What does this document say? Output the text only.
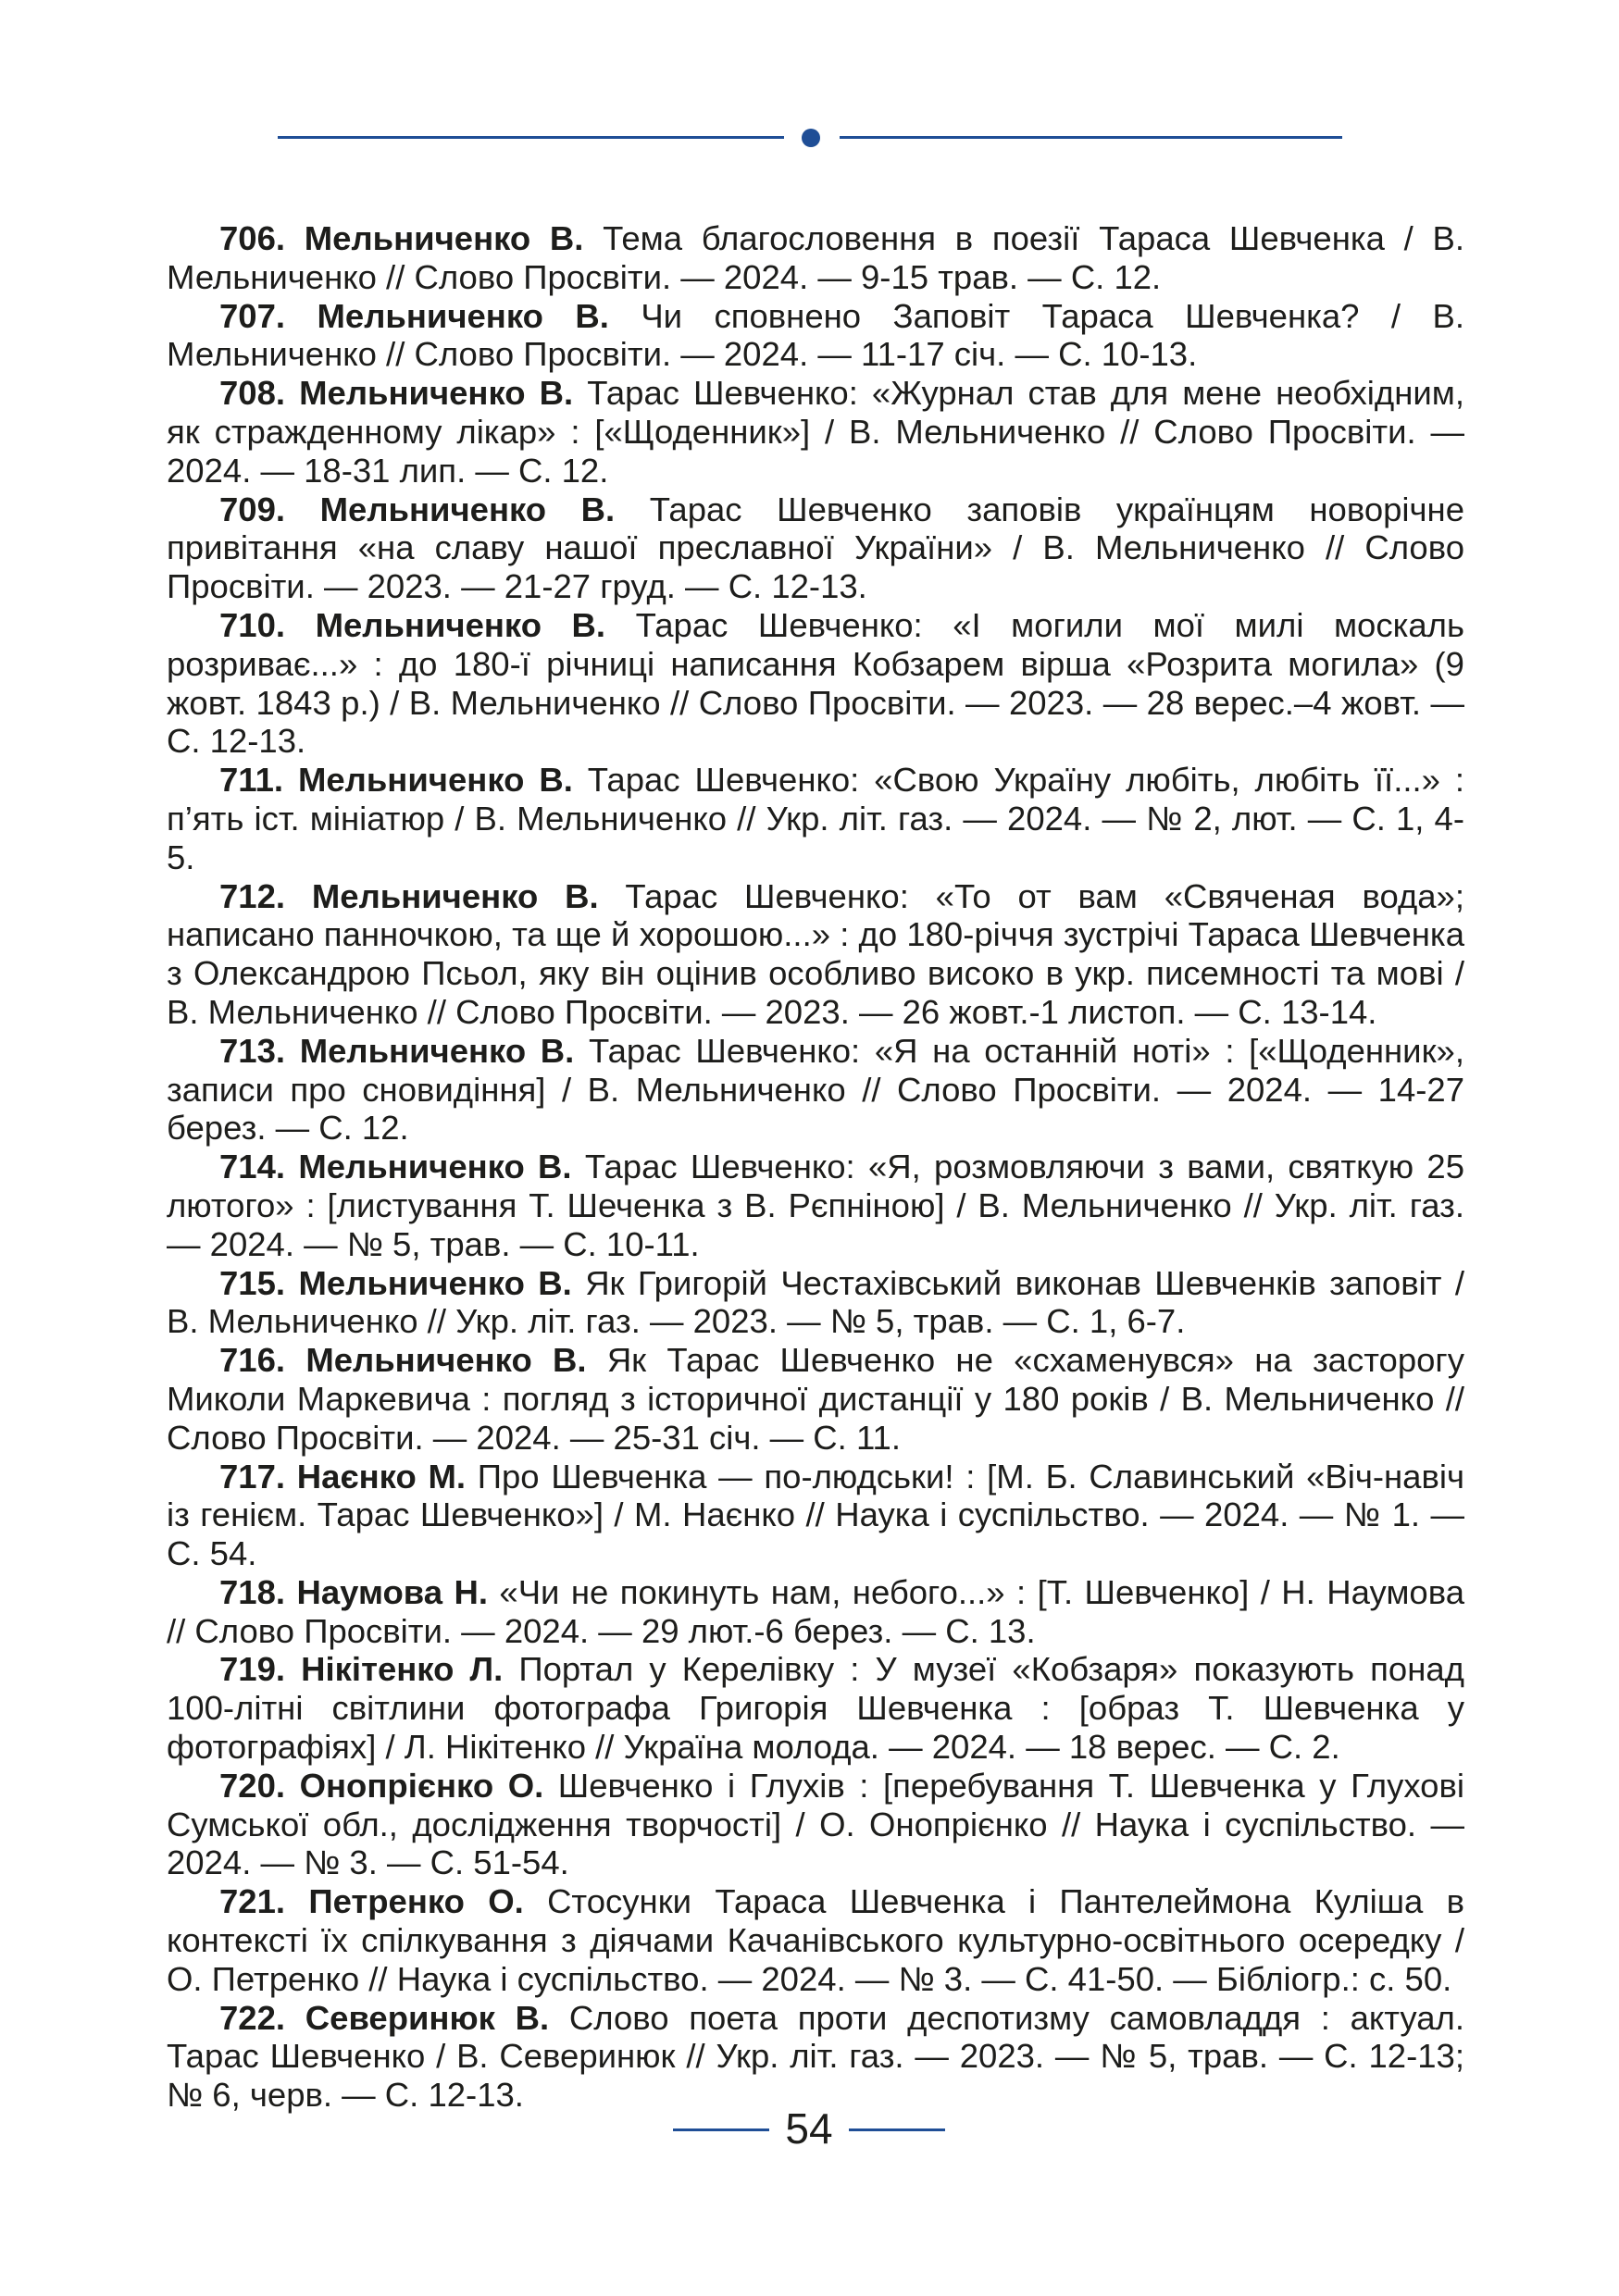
706. Мельниченко В. Тема благословення в поезії Тараса Шевченка / В. Мельниченко // Слово Просвіти. — 2024. — 9-15 трав. — С. 12.

707. Мельниченко В. Чи сповнено Заповіт Тараса Шевченка? / В. Мельниченко // Слово Просвіти. — 2024. — 11-17 січ. — С. 10-13.

708. Мельниченко В. Тарас Шевченко: «Журнал став для мене необхідним, як стражденному лікар» : [«Щоденник»] / В. Мельниченко // Слово Просвіти. — 2024. — 18-31 лип. — С. 12.

709. Мельниченко В. Тарас Шевченко заповів українцям новорічне привітання «на славу нашої преславної України» / В. Мельниченко // Слово Просвіти. — 2023. — 21-27 груд. — С. 12-13.

710. Мельниченко В. Тарас Шевченко: «І могили мої милі москаль розриває...» : до 180-ї річниці написання Кобзарем вірша «Розрита могила» (9 жовт. 1843 р.) / В. Мельниченко // Слово Просвіти. — 2023. — 28 верес.–4 жовт. — С. 12-13.

711. Мельниченко В. Тарас Шевченко: «Свою Україну любіть, любіть її...» : п’ять іст. мініатюр / В. Мельниченко // Укр. літ. газ. — 2024. — № 2, лют. — С. 1, 4-5.

712. Мельниченко В. Тарас Шевченко: «То от вам «Свяченая вода»; написано панночкою, та ще й хорошою...» : до 180-річчя зустрічі Тараса Шевченка з Олександрою Псьол, яку він оцінив особливо високо в укр. писемності та мові / В. Мельниченко // Слово Просвіти. — 2023. — 26 жовт.-1 листоп. — С. 13-14.

713. Мельниченко В. Тарас Шевченко: «Я на останній ноті» : [«Щоденник», записи про сновидіння] / В. Мельниченко // Слово Просвіти. — 2024. — 14-27 берез. — С. 12.

714. Мельниченко В. Тарас Шевченко: «Я, розмовляючи з вами, святкую 25 лютого» : [листування Т. Шеченка з В. Рєпніною] / В. Мельниченко // Укр. літ. газ. — 2024. — № 5, трав. — С. 10-11.

715. Мельниченко В. Як Григорій Честахівський виконав Шевченків заповіт / В. Мельниченко // Укр. літ. газ. — 2023. — № 5, трав. — С. 1, 6-7.

716. Мельниченко В. Як Тарас Шевченко не «схаменувся» на засторогу Миколи Маркевича : погляд з історичної дистанції у 180 років / В. Мельниченко // Слово Просвіти. — 2024. — 25-31 січ. — С. 11.

717. Наєнко М. Про Шевченка — по-людськи! : [М. Б. Славинський «Віч-навіч із генієм. Тарас Шевченко»] / М. Наєнко // Наука і суспільство. — 2024. — № 1. — С. 54.

718. Наумова Н. «Чи не покинуть нам, небого...» : [Т. Шевченко] / Н. Наумова // Слово Просвіти. — 2024. — 29 лют.-6 берез. — С. 13.

719. Нікітенко Л. Портал у Керелівку : У музеї «Кобзаря» показують понад 100-літні світлини фотографа Григорія Шевченка : [образ Т. Шевченка у фотографіях] / Л. Нікітенко // Україна молода. — 2024. — 18 верес. — С. 2.

720. Онопрієнко О. Шевченко і Глухів : [перебування Т. Шевченка у Глухові Сумської обл., дослідження творчості] / О. Онопрієнко // Наука і суспільство. — 2024. — № 3. — С. 51-54.

721. Петренко О. Стосунки Тараса Шевченка і Пантелеймона Куліша в контексті їх спілкування з діячами Качанівського культурно-освітнього осередку / О. Петренко // Наука і суспільство. — 2024. — № 3. — С. 41-50. — Бібліогр.: с. 50.

722. Северинюк В. Слово поета проти деспотизму самовладдя : актуал. Тарас Шевченко / В. Северинюк // Укр. літ. газ. — 2023. — № 5, трав. — С. 12-13; № 6, черв. — С. 12-13.

54
